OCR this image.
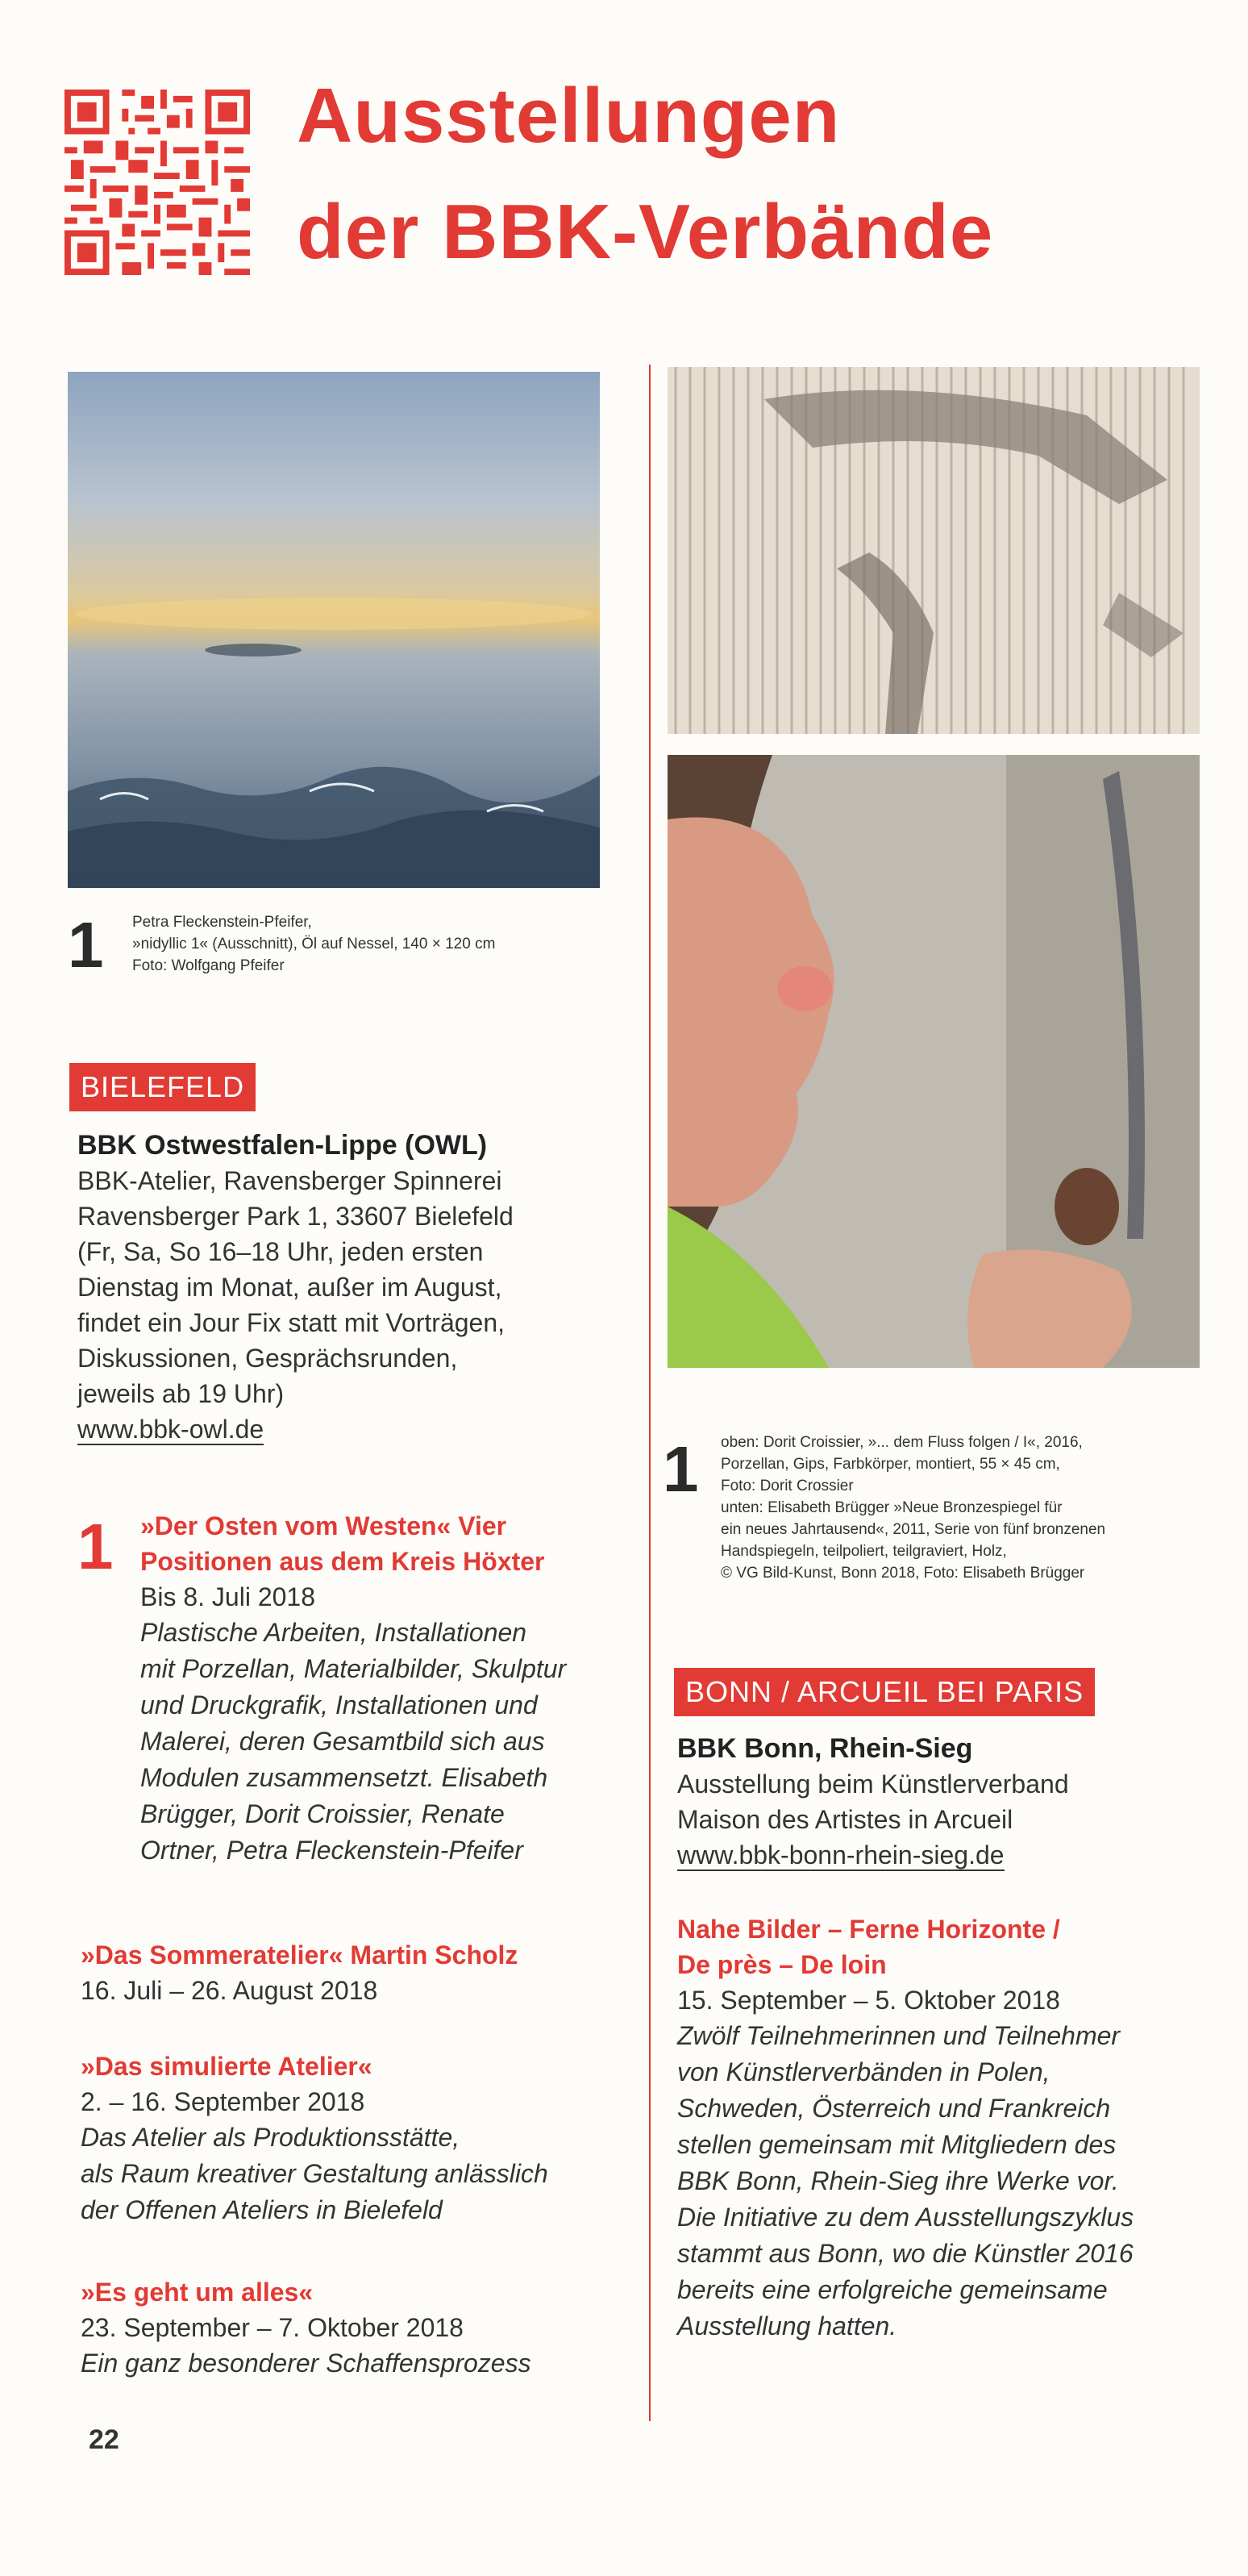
Ausstellungen
der BBK-Verbände
1 Petra Fleckenstein-Pfeifer,
»nidyllic 1« (Ausschnitt), Öl auf Nessel, 140 × 120 cm
Foto: Wolfgang Pfeifer
BIELEFELD
BBK Ostwestfalen-Lippe (OWL)
BBK-Atelier, Ravensberger Spinnerei
Ravensberger Park 1, 33607 Bielefeld
(Fr, Sa, So 16–18 Uhr, jeden ersten
Dienstag im Monat, außer im August,
findet ein Jour Fix statt mit Vorträgen,
Diskussionen, Gesprächsrunden,
jeweils ab 19 Uhr)
www.bbk-owl.de
1 »Der Osten vom Westen« Vier
Positionen aus dem Kreis Höxter
Bis 8. Juli 2018
Plastische Arbeiten, Installationen
mit Porzellan, Materialbilder, Skulptur
und Druckgrafik, Installationen und
Malerei, deren Gesamtbild sich aus
Modulen zusammensetzt. Elisabeth
Brügger, Dorit Croissier, Renate
Ortner, Petra Fleckenstein-Pfeifer
»Das Sommeratelier« Martin Scholz
16. Juli – 26. August 2018
»Das simulierte Atelier«
2. – 16. September 2018
Das Atelier als Produktionsstätte,
als Raum kreativer Gestaltung anlässlich
der Offenen Ateliers in Bielefeld
»Es geht um alles«
23. September – 7. Oktober 2018
Ein ganz besonderer Schaffensprozess
1 oben: Dorit Croissier, »... dem Fluss folgen / I«, 2016,
Porzellan, Gips, Farbkörper, montiert, 55 × 45 cm,
Foto: Dorit Crossier
unten: Elisabeth Brügger »Neue Bronzespiegel für
ein neues Jahrtausend«, 2011, Serie von fünf bronzenen
Handspiegeln, teilpoliert, teilgraviert, Holz,
© VG Bild-Kunst, Bonn 2018, Foto: Elisabeth Brügger
BONN / ARCUEIL BEI PARIS
BBK Bonn, Rhein-Sieg
Ausstellung beim Künstlerverband
Maison des Artistes in Arcueil
www.bbk-bonn-rhein-sieg.de
Nahe Bilder – Ferne Horizonte /
De près – De loin
15. September – 5. Oktober 2018
Zwölf Teilnehmerinnen und Teilnehmer
von Künstlerverbänden in Polen,
Schweden, Österreich und Frankreich
stellen gemeinsam mit Mitgliedern des
BBK Bonn, Rhein-Sieg ihre Werke vor.
Die Initiative zu dem Ausstellungszyklus
stammt aus Bonn, wo die Künstler 2016
bereits eine erfolgreiche gemeinsame
Ausstellung hatten.
22
